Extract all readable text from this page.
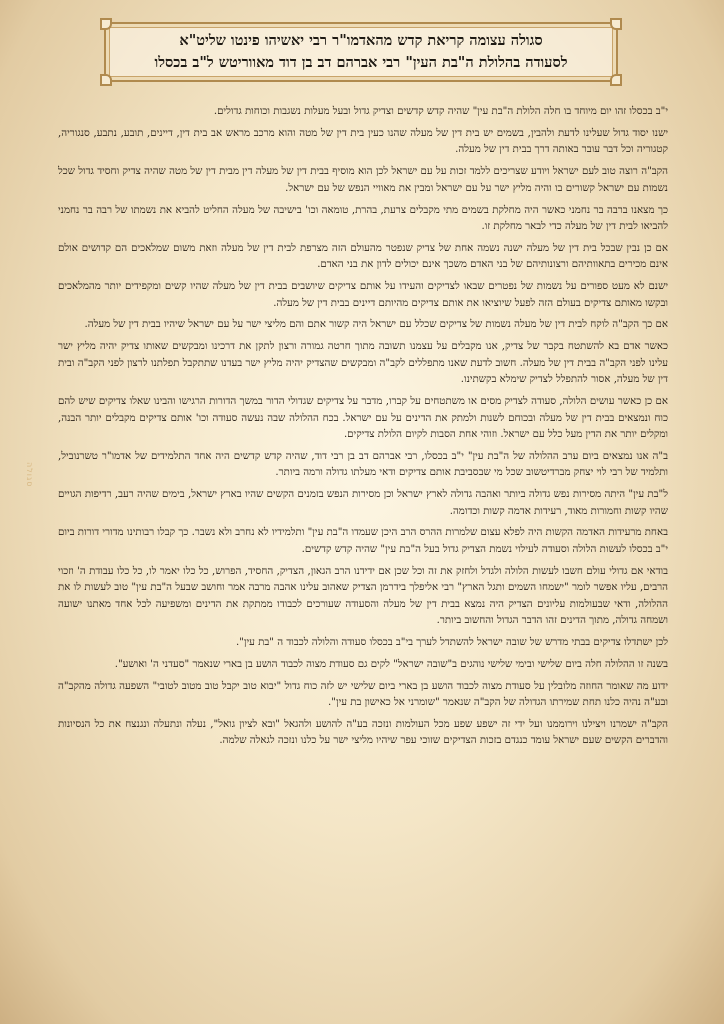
סגולה עצומה קריאת קדש מהאדמו"ר רבי יאשיהו פינטו שליט"א
לסעודה בהלולת ה"בת העין" רבי אברהם דב בן דוד מאווריטש ל"ב בכסלו
סגולה

י"ב בכסלו זהו יום מיוחד בו חלה הלולת ה"בת עין" שהיה קדש קדשים וצדיק גדול ובעל מעלות נשגבות וכוחות גדולים.

ישנו יסוד גדול שעלינו לדעת ולהבין, בשמים יש בית דין של מעלה שהנו כעין בית דין של מטה והוא מרכב מראש אב בית דין, דיינים, תובע, נתבע, סנגוריה, קטגוריה וכל דבר עובר באותה דרך בבית דין של מעלה.

הקב"ה רוצה טוב לעם ישראל ויודע שצריכים ללמד זכות על עם ישראל לכן הוא מוסיף בבית דין של מעלה דין מבית דין של מטה שהיה צדיק וחסיד גדול שכל נשמות עם ישראל קשורים בו והיה מליץ ישר על עם ישראל ומבין את מאוויי הנפש של עם ישראל.

כך מצאנו ברבה בר נחמני כאשר היה מחלקת בשמים מתי מקבלים צרעת, בהרת, טומאה וכו' בישיבה של מעלה החליט להביא את נשמתו של רבה בר נחמני להביאו לבית דין של מעלה כדי לבאר מחלקת זו.

אם כן נבין שבכל בית דין של מעלה ישנה נשמה אחת של צדיק שנפטר מהעולם הזה מצרפת לבית דין של מעלה וזאת משום שמלאכים הם קדושים אולם אינם מכירים בתאוותיהם ורצונותיהם של בני האדם משכך אינם יכולים לדון את בני האדם.

ישנם לא מעט ספורים על נשמות של נפטרים שבאו לצדיקים והעידו על אותם צדיקים שיושבים בבית דין של מעלה שהיו קשים ומקפידים יותר מהמלאכים ובקשו מאותם צדיקים בעולם הזה לפעל שיוציאו את אותם צדיקים מהיותם דיינים בבית דין של מעלה.

אם כך הקב"ה לוקח לבית דין של מעלה נשמות של צדיקים שכלל עם ישראל היה קשור אתם והם מליצי ישר על עם ישראל שיהיו בבית דין של מעלה.

כאשר אדם בא להשתטח בקבר של צדיק, אנו מקבלים על עצמנו תשובה מתוך חרטה גמורה ורצון לתקן את דרכינו ומבקשים שאותו צדיק יהיה מליץ ישר עלינו לפני הקב"ה בבית דין של מעלה. חשוב לדעת שאנו מתפללים לקב"ה ומבקשים שהצדיק יהיה מליץ ישר בעדנו שתתקבל תפלתנו לרצון לפני הקב"ה ובית דין של מעלה, אסור להתפלל לצדיק שימלא בקשתינו.

אם כן כאשר עושים הלולה, סעודה לצדיק מסים או משתטחים על קברו, מדבר על צדיקים שגדולי הדור במשך הדורות הרגישו והבינו שאלו צדיקים שיש להם כוח ונמצאים בבית דין של מעלה ובכוחם לשנות ולמתק את הדינים על עם ישראל. בכח ההלולה שבה נעשה סעודה וכו' אותם צדיקים מקבלים יותר הבנה, ומקלים יותר את הדין מעל כלל עם ישראל. וזוהי אחת הסבות לקיום הלולת צדיקים.

ב"ה אנו נמצאים ביום ערב ההלולה של ה"בת עין" י"ב בכסלו, רבי אברהם דב בן רבי דוד, שהיה קדש קדשים היה אחד התלמידים של אדמו"ר טשרנוביל, ותלמיד של רבי לוי יצחק מברדיטשוב שכל מי שבסביבת אותם צדיקים ודאי מעלתו גדולה ורמה ביותר.

ל"בת עין" היתה מסירות נפש גדולה ביותר ואהבה גדולה לארץ ישראל וכן מסירות הנפש בזמנים הקשים שהיו בארץ ישראל, בימים שהיה רעב, רדיפות הגויים שהיו קשות וחמורות מאוד, רעידות אדמה קשות וכדומה.

באחת מרעידות האדמה הקשות היה לפלא עצום שלמרות ההרס הרב היכן שעמדו ה"בת עין" ותלמידיו לא נחרב ולא נשבר. כך קבלו רבותינו מדורי דורות ביום י"ב בכסלו לעשות הלולה וסעודה לעילוי נשמת הצדיק גדול בעל ה"בת עין" שהיה קדש קדשים.

בודאי אם גדולי עולם חשבו לעשות הלולה ולגדל ולחזק את זה וכל שכן אם ידידנו הרב הגאון, הצדיק, החסיד, הפרוש, כל כלו יאמר לו, כל כלו עבודת ה' וזכוי הרבים, עליו אפשר לומר "ישמחו השמים ותגל הארץ" רבי אליפלך בידרמן הצדיק שאהוב עלינו אהבה מרבה אמר וחושב שבעל ה"בת עין" טוב לעשות לו את ההלולה, ודאי שבעולמות עליונים הצדיק היה נמצא בבית דין של מעלה והסעודה שעורכים לכבודו ממתקת את הדינים ומשפיעה לכל אחד מאתנו ישועה ושמחה גדולה, מתוך הדינים זהו הדבר הגדול והחשוב ביותר.

לכן ישתדלו צדיקים בבתי מדרש של שובה ישראל להשתדל לערך בי"ב בכסלו סעודה והלולה לכבוד ה "בת עין".

בשנה זו ההלולה חלה ביום שלישי ובימי שלישי נוהגים ב"שובה ישראל" לקים גם סעודת מצוה לכבוד הושע בן בארי שנאמר "סעדני ה' ואושע".

ידוע מה שאומר החוזה מלובלין על סעודת מצוה לכבוד הושע בן בארי ביום שלישי יש לזה כוח גדול "יבוא טוב יקבל טוב מטוב לטובי" השפעה גדולה מהקב"ה ובע"ה נהיה כלנו תחת שמירתו הגדולה של הקב"ה שנאמר "שומרני אל כאישון בת עין".

הקב"ה ישמרנו ויצילנו וירוממנו ועל ידי זה ישפע שפע מכל העולמות ונזכה בע"ה להושע ולהגאל "ובא לציון גואל", נעלה ונתעלה ונגנצח את כל הנסיונות והדברים הקשים שעם ישראל עומד כנגדם בזכות הצדיקים שזוכי עפר שיהיו מליצי ישר על כלנו ונזכה לגאלה שלמה.
